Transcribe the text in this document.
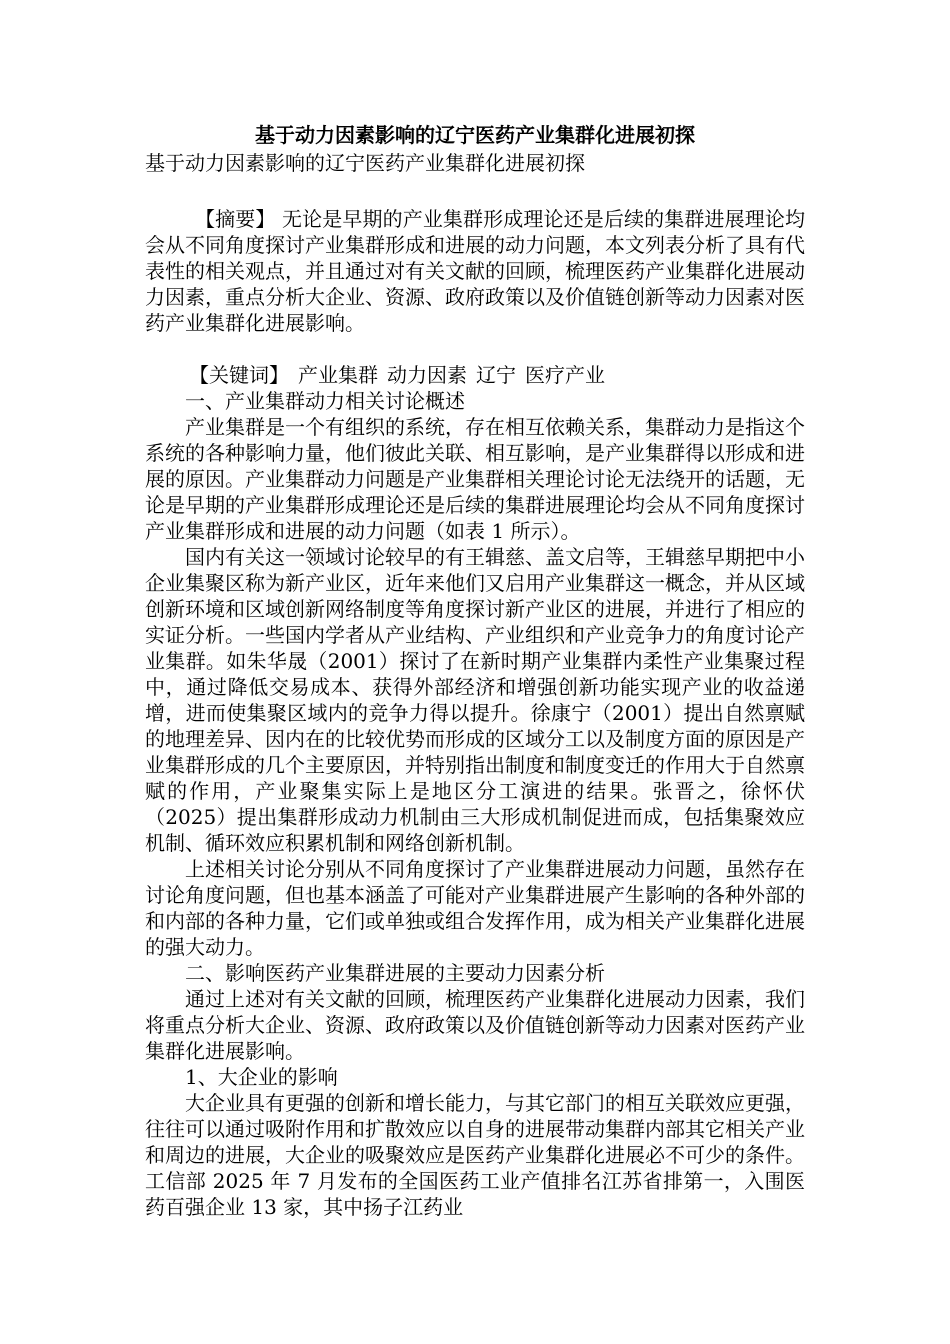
基于动力因素影响的辽宁医药产业集群化进展初探

基于动力因素影响的辽宁医药产业集群化进展初探

【摘要】 无论是早期的产业集群形成理论还是后续的集群进展理论均会从不同角度探讨产业集群形成和进展的动力问题，本文列表分析了具有代表性的相关观点，并且通过对有关文献的回顾，梳理医药产业集群化进展动力因素，重点分析大企业、资源、政府政策以及价值链创新等动力因素对医药产业集群化进展影响。

【关键词】 产业集群 动力因素 辽宁 医疗产业

一、产业集群动力相关讨论概述

产业集群是一个有组织的系统，存在相互依赖关系，集群动力是指这个系统的各种影响力量，他们彼此关联、相互影响，是产业集群得以形成和进展的原因。产业集群动力问题是产业集群相关理论讨论无法绕开的话题，无论是早期的产业集群形成理论还是后续的集群进展理论均会从不同角度探讨产业集群形成和进展的动力问题（如表 1 所示）。

国内有关这一领域讨论较早的有王辑慈、盖文启等，王辑慈早期把中小企业集聚区称为新产业区，近年来他们又启用产业集群这一概念，并从区域创新环境和区域创新网络制度等角度探讨新产业区的进展，并进行了相应的实证分析。一些国内学者从产业结构、产业组织和产业竞争力的角度讨论产业集群。如朱华晟（2001）探讨了在新时期产业集群内柔性产业集聚过程中，通过降低交易成本、获得外部经济和增强创新功能实现产业的收益递增，进而使集聚区域内的竞争力得以提升。徐康宁（2001）提出自然禀赋的地理差异、因内在的比较优势而形成的区域分工以及制度方面的原因是产业集群形成的几个主要原因，并特别指出制度和制度变迁的作用大于自然禀赋的作用，产业聚集实际上是地区分工演进的结果。张晋之，徐怀伏（2025）提出集群形成动力机制由三大形成机制促进而成，包括集聚效应机制、循环效应积累机制和网络创新机制。

上述相关讨论分别从不同角度探讨了产业集群进展动力问题，虽然存在讨论角度问题，但也基本涵盖了可能对产业集群进展产生影响的各种外部的和内部的各种力量，它们或单独或组合发挥作用，成为相关产业集群化进展的强大动力。

二、影响医药产业集群进展的主要动力因素分析

通过上述对有关文献的回顾，梳理医药产业集群化进展动力因素，我们将重点分析大企业、资源、政府政策以及价值链创新等动力因素对医药产业集群化进展影响。

1、大企业的影响

大企业具有更强的创新和增长能力，与其它部门的相互关联效应更强，往往可以通过吸附作用和扩散效应以自身的进展带动集群内部其它相关产业和周边的进展，大企业的吸聚效应是医药产业集群化进展必不可少的条件。工信部 2025 年 7 月发布的全国医药工业产值排名江苏省排第一，入围医药百强企业 13 家，其中扬子江药业
